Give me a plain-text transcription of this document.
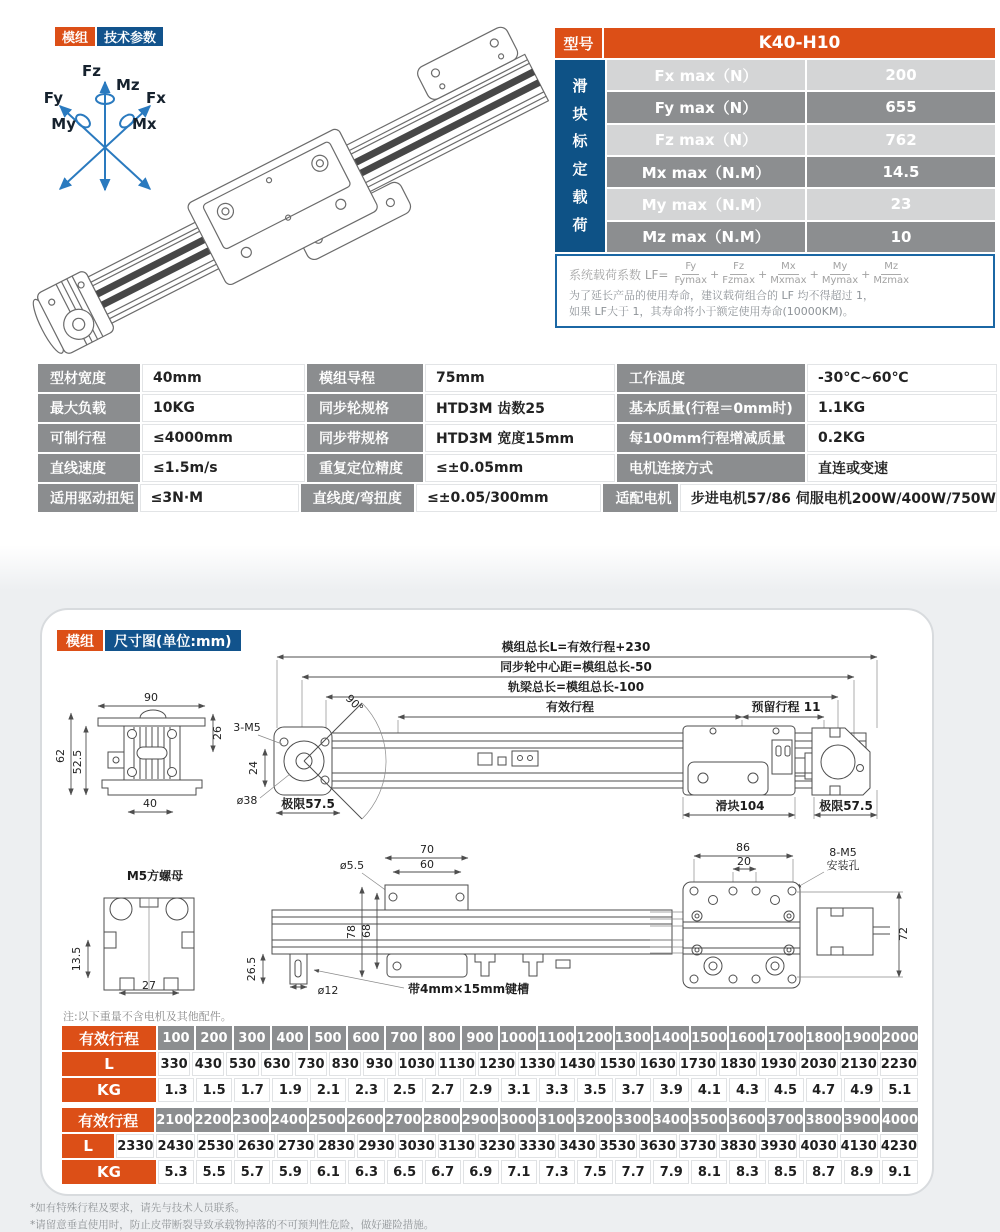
模组	技术参数
Fz
Mz
Fy	Fx
My	Mx
型号	K40-H10
滑块标定载荷
Fx max（N）	200
Fy max（N）	655
Fz max（N）	762
Mx max（N.M）	14.5
My max（N.M）	23
Mz max（N.M）	10
系统载荷系数 $LF= \frac{Fy}{Fymax} + \frac{Fz}{Fzmax} + \frac{Mx}{Mxmax} + \frac{My}{Mymax} + \frac{Mz}{Mzmax}$
为了延长产品的使用寿命，建议载荷组合的 LF 均不得超过 1，
如果 LF大于 1，其寿命将小于额定使用寿命(10000KM)。
型材宽度	40mm	模组导程	75mm	工作温度	-30℃~60℃
最大负载	10KG	同步轮规格	HTD3M 齿数25	基本质量(行程＝0mm时)	1.1KG
可制行程	≤4000mm	同步带规格	HTD3M 宽度15mm	每100mm行程增减质量	0.2KG
直线速度	≤1.5m/s	重复定位精度	≤±0.05mm	电机连接方式	直连或变速
适用驱动扭矩	≤3N·M	直线度/弯扭度	≤±0.05/300mm	适配电机	步进电机57/86 伺服电机200W/400W/750W
模组	尺寸图(单位:mm)
90
26
62 52.5
40
模组总长L=有效行程+230
同步轮中心距=模组总长-50
轨梁总长=模组总长-100
有效行程	预留行程 11
90°
3-M5
ø38
24
极限57.5	滑块104	极限57.5
M5方螺母
13.5
27
70
60
ø5.5
78 68
26.5
ø12	带4mm×15mm键槽
86
20
8-M5
安装孔
72
注:以下重量不含电机及其他配件。
有效行程	100 200 300 400 500 600 700 800 900 1000 1100 1200 1300 1400 1500 1600 1700 1800 1900 2000
L	330 430 530 630 730 830 930 1030 1130 1230 1330 1430 1530 1630 1730 1830 1930 2030 2130 2230
KG	1.3	1.5	1.7	1.9	2.1	2.3	2.5	2.7	2.9	3.1	3.3	3.5	3.7	3.9	4.1	4.3	4.5	4.7	4.9	5.1
有效行程	2100 2200 2300 2400 2500 2600 2700 2800 2900 3000 3100 3200 3300 3400 3500 3600 3700 3800 3900 4000
L	2330 2430 2530 2630 2730 2830 2930 3030 3130 3230 3330 3430 3530 3630 3730 3830 3930 4030 4130 4230
KG	5.3	5.5	5.7	5.9	6.1	6.3	6.5	6.7	6.9	7.1	7.3	7.5	7.7	7.9	8.1	8.3	8.5	8.7	8.9	9.1
*如有特殊行程及要求，请先与技术人员联系。
*请留意垂直使用时，防止皮带断裂导致承载物掉落的不可预判性危险，做好避险措施。
